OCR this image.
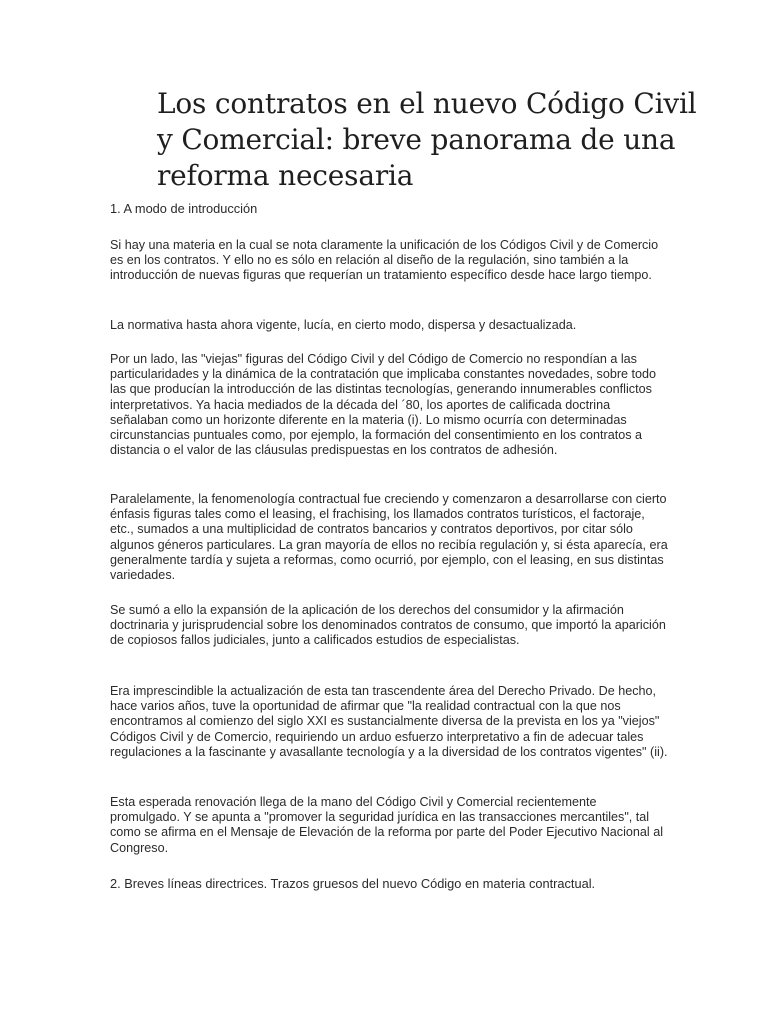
Los contratos en el nuevo Código Civil y Comercial: breve panorama de una reforma necesaria

1. A modo de introducción

Si hay una materia en la cual se nota claramente la unificación de los Códigos Civil y de Comercio es en los contratos. Y ello no es sólo en relación al diseño de la regulación, sino también a la introducción de nuevas figuras que requerían un tratamiento específico desde hace largo tiempo.

La normativa hasta ahora vigente, lucía, en cierto modo, dispersa y desactualizada.

Por un lado, las "viejas" figuras del Código Civil y del Código de Comercio no respondían a las particularidades y la dinámica de la contratación que implicaba constantes novedades, sobre todo las que producían la introducción de las distintas tecnologías, generando innumerables conflictos interpretativos. Ya hacia mediados de la década del ´80, los aportes de calificada doctrina señalaban como un horizonte diferente en la materia (i). Lo mismo ocurría con determinadas circunstancias puntuales como, por ejemplo, la formación del consentimiento en los contratos a distancia o el valor de las cláusulas predispuestas en los contratos de adhesión.

Paralelamente, la fenomenología contractual fue creciendo y comenzaron a desarrollarse con cierto énfasis figuras tales como el leasing, el frachising, los llamados contratos turísticos, el factoraje, etc., sumados a una multiplicidad de contratos bancarios y contratos deportivos, por citar sólo algunos géneros particulares. La gran mayoría de ellos no recibía regulación y, si ésta aparecía, era generalmente tardía y sujeta a reformas, como ocurrió, por ejemplo, con el leasing, en sus distintas variedades.

Se sumó a ello la expansión de la aplicación de los derechos del consumidor y la afirmación doctrinaria y jurisprudencial sobre los denominados contratos de consumo, que importó la aparición de copiosos fallos judiciales, junto a calificados estudios de especialistas.

Era imprescindible la actualización de esta tan trascendente área del Derecho Privado. De hecho, hace varios años, tuve la oportunidad de afirmar que "la realidad contractual con la que nos encontramos al comienzo del siglo XXI es sustancialmente diversa de la prevista en los ya "viejos" Códigos Civil y de Comercio, requiriendo un arduo esfuerzo interpretativo a fin de adecuar tales regulaciones a la fascinante y avasallante tecnología y a la diversidad de los contratos vigentes" (ii).

Esta esperada renovación llega de la mano del Código Civil y Comercial recientemente promulgado. Y se apunta a "promover la seguridad jurídica en las transacciones mercantiles", tal como se afirma en el Mensaje de Elevación de la reforma por parte del Poder Ejecutivo Nacional al Congreso.

2. Breves líneas directrices. Trazos gruesos del nuevo Código en materia contractual.
